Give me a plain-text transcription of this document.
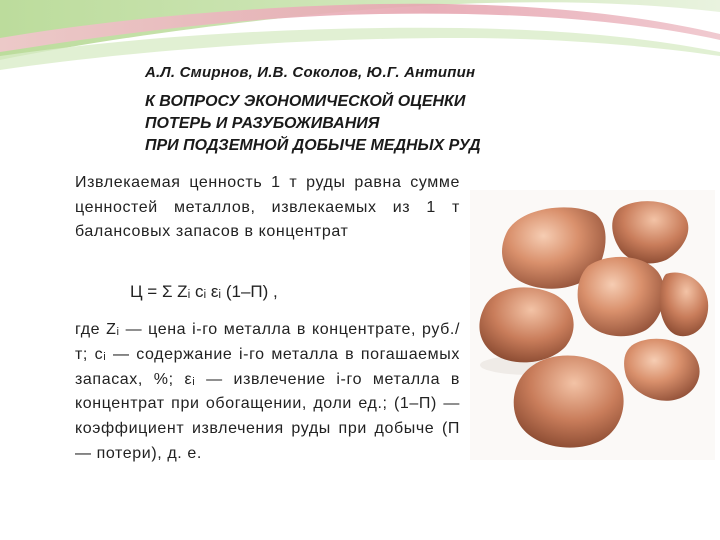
А.Л. Смирнов, И.В. Соколов, Ю.Г. Антипин
К ВОПРОСУ ЭКОНОМИЧЕСКОЙ ОЦЕНКИ
ПОТЕРЬ И РАЗУБОЖИВАНИЯ
ПРИ ПОДЗЕМНОЙ ДОБЫЧЕ МЕДНЫХ РУД

Извлекаемая ценность 1 т руды равна сумме ценностей металлов, извлекаемых из 1 т балансовых запасов в концентрат

Ц = Σ Zᵢ cᵢ εᵢ (1–П) ,

где Zᵢ — цена i-го металла в концентрате, руб./т; cᵢ — содержание i-го металла в погашаемых запасах, %; εᵢ — извлечение i-го металла в концентрат при обогащении, доли ед.; (1–П) — коэффициент извлечения руды при добыче (П — потери), д. е.
